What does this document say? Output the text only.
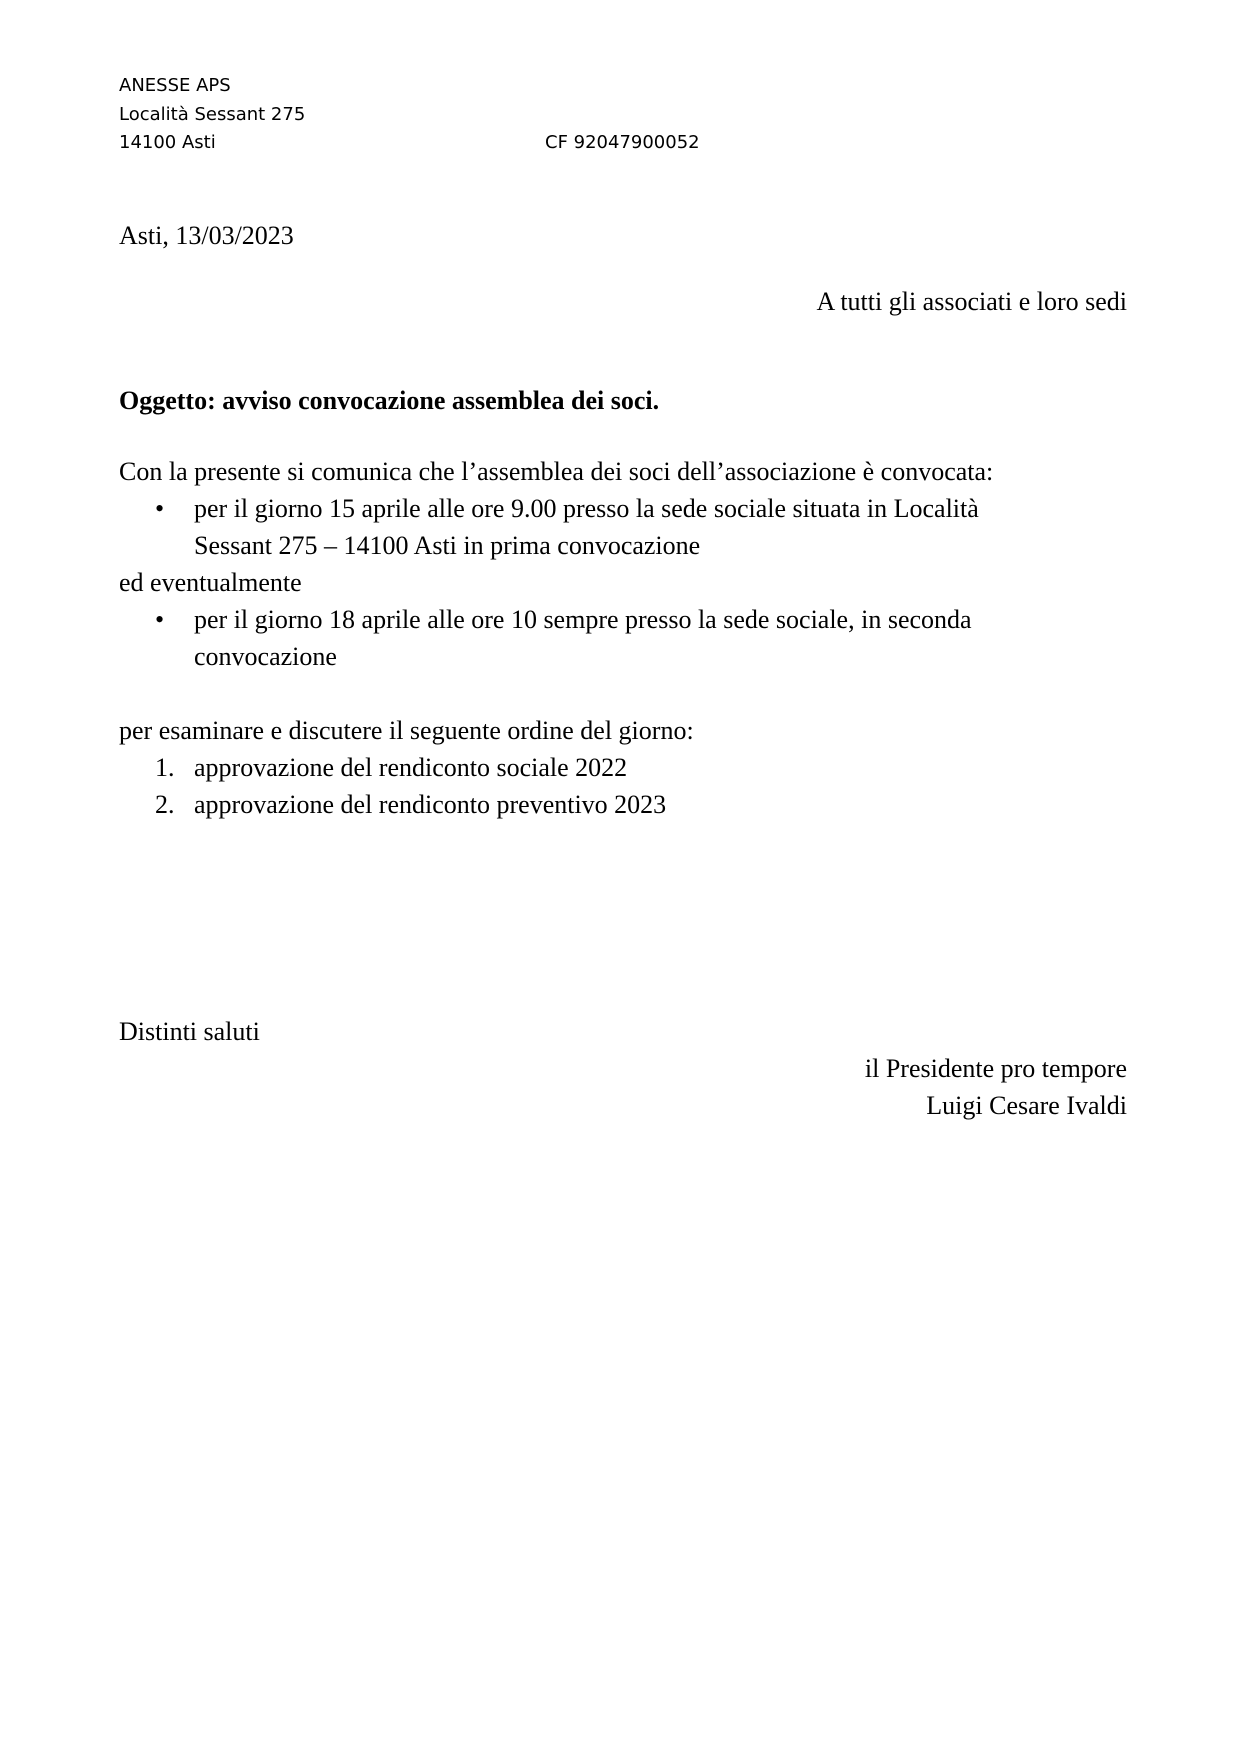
ANESSE APS
Località Sessant 275
14100 Asti	CF 92047900052
Asti, 13/03/2023
A tutti gli associati e loro sedi
Oggetto: avviso convocazione assemblea dei soci.
Con la presente si comunica che l’assemblea dei soci dell’associazione è convocata:
• per il giorno 15 aprile alle ore 9.00 presso la sede sociale situata in Località
Sessant 275 – 14100 Asti in prima convocazione
ed eventualmente
• per il giorno 18 aprile alle ore 10 sempre presso la sede sociale, in seconda
convocazione
per esaminare e discutere il seguente ordine del giorno:
1. approvazione del rendiconto sociale 2022
2. approvazione del rendiconto preventivo 2023
Distinti saluti
il Presidente pro tempore
Luigi Cesare Ivaldi
